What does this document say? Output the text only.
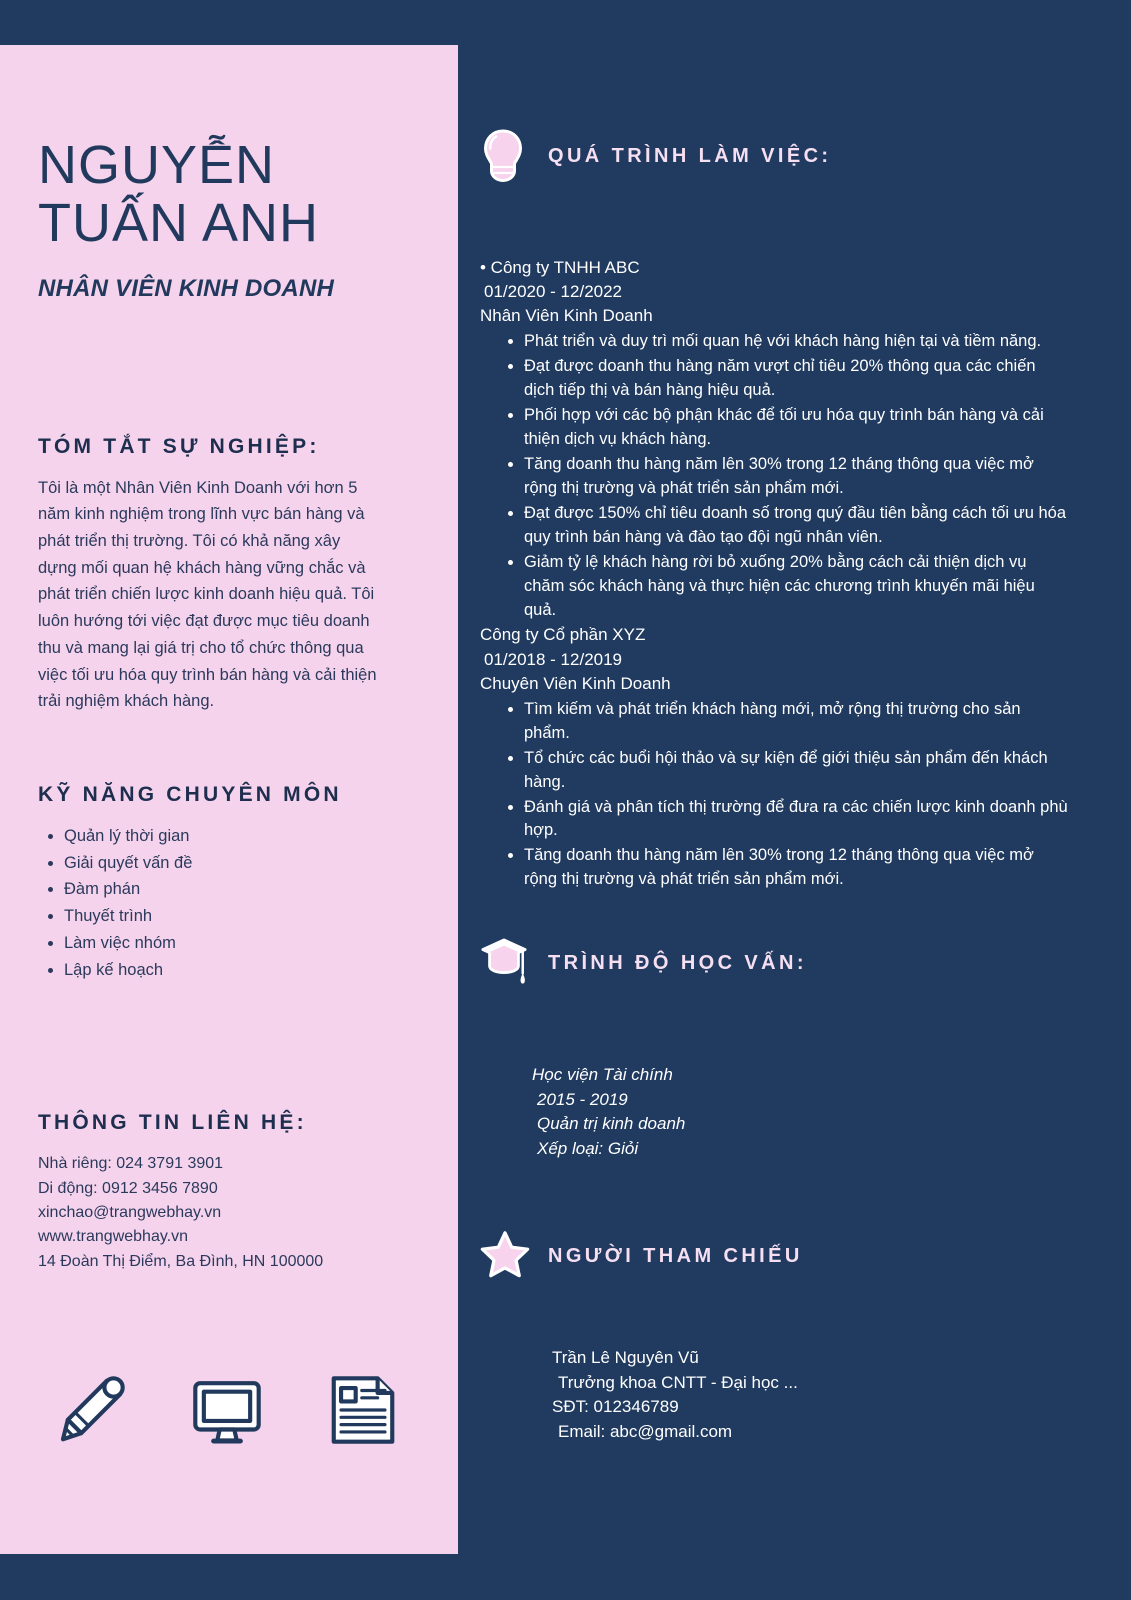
NGUYỄN
TUẤN ANH
NHÂN VIÊN KINH DOANH
TÓM TẮT SỰ NGHIỆP:
Tôi là một Nhân Viên Kinh Doanh với hơn 5 năm kinh nghiệm trong lĩnh vực bán hàng và phát triển thị trường. Tôi có khả năng xây dựng mối quan hệ khách hàng vững chắc và phát triển chiến lược kinh doanh hiệu quả. Tôi luôn hướng tới việc đạt được mục tiêu doanh thu và mang lại giá trị cho tổ chức thông qua việc tối ưu hóa quy trình bán hàng và cải thiện trải nghiệm khách hàng.
KỸ NĂNG CHUYÊN MÔN
• Quản lý thời gian
• Giải quyết vấn đề
• Đàm phán
• Thuyết trình
• Làm việc nhóm
• Lập kế hoạch
THÔNG TIN LIÊN HỆ:
Nhà riêng: 024 3791 3901
Di động: 0912 3456 7890
xinchao@trangwebhay.vn
www.trangwebhay.vn
14 Đoàn Thị Điểm, Ba Đình, HN 100000
QUÁ TRÌNH LÀM VIỆC:
• Công ty TNHH ABC
01/2020 - 12/2022
Nhân Viên Kinh Doanh
• Phát triển và duy trì mối quan hệ với khách hàng hiện tại và tiềm năng.
• Đạt được doanh thu hàng năm vượt chỉ tiêu 20% thông qua các chiến dịch tiếp thị và bán hàng hiệu quả.
• Phối hợp với các bộ phận khác để tối ưu hóa quy trình bán hàng và cải thiện dịch vụ khách hàng.
• Tăng doanh thu hàng năm lên 30% trong 12 tháng thông qua việc mở rộng thị trường và phát triển sản phẩm mới.
• Đạt được 150% chỉ tiêu doanh số trong quý đầu tiên bằng cách tối ưu hóa quy trình bán hàng và đào tạo đội ngũ nhân viên.
• Giảm tỷ lệ khách hàng rời bỏ xuống 20% bằng cách cải thiện dịch vụ chăm sóc khách hàng và thực hiện các chương trình khuyến mãi hiệu quả.
Công ty Cổ phần XYZ
01/2018 - 12/2019
Chuyên Viên Kinh Doanh
• Tìm kiếm và phát triển khách hàng mới, mở rộng thị trường cho sản phẩm.
• Tổ chức các buổi hội thảo và sự kiện để giới thiệu sản phẩm đến khách hàng.
• Đánh giá và phân tích thị trường để đưa ra các chiến lược kinh doanh phù hợp.
• Tăng doanh thu hàng năm lên 30% trong 12 tháng thông qua việc mở rộng thị trường và phát triển sản phẩm mới.
TRÌNH ĐỘ HỌC VẤN:
Học viện Tài chính
2015 - 2019
Quản trị kinh doanh
Xếp loại: Giỏi
NGƯỜI THAM CHIẾU
Trần Lê Nguyên Vũ
Trưởng khoa CNTT - Đại học ...
SĐT: 012346789
Email: abc@gmail.com
